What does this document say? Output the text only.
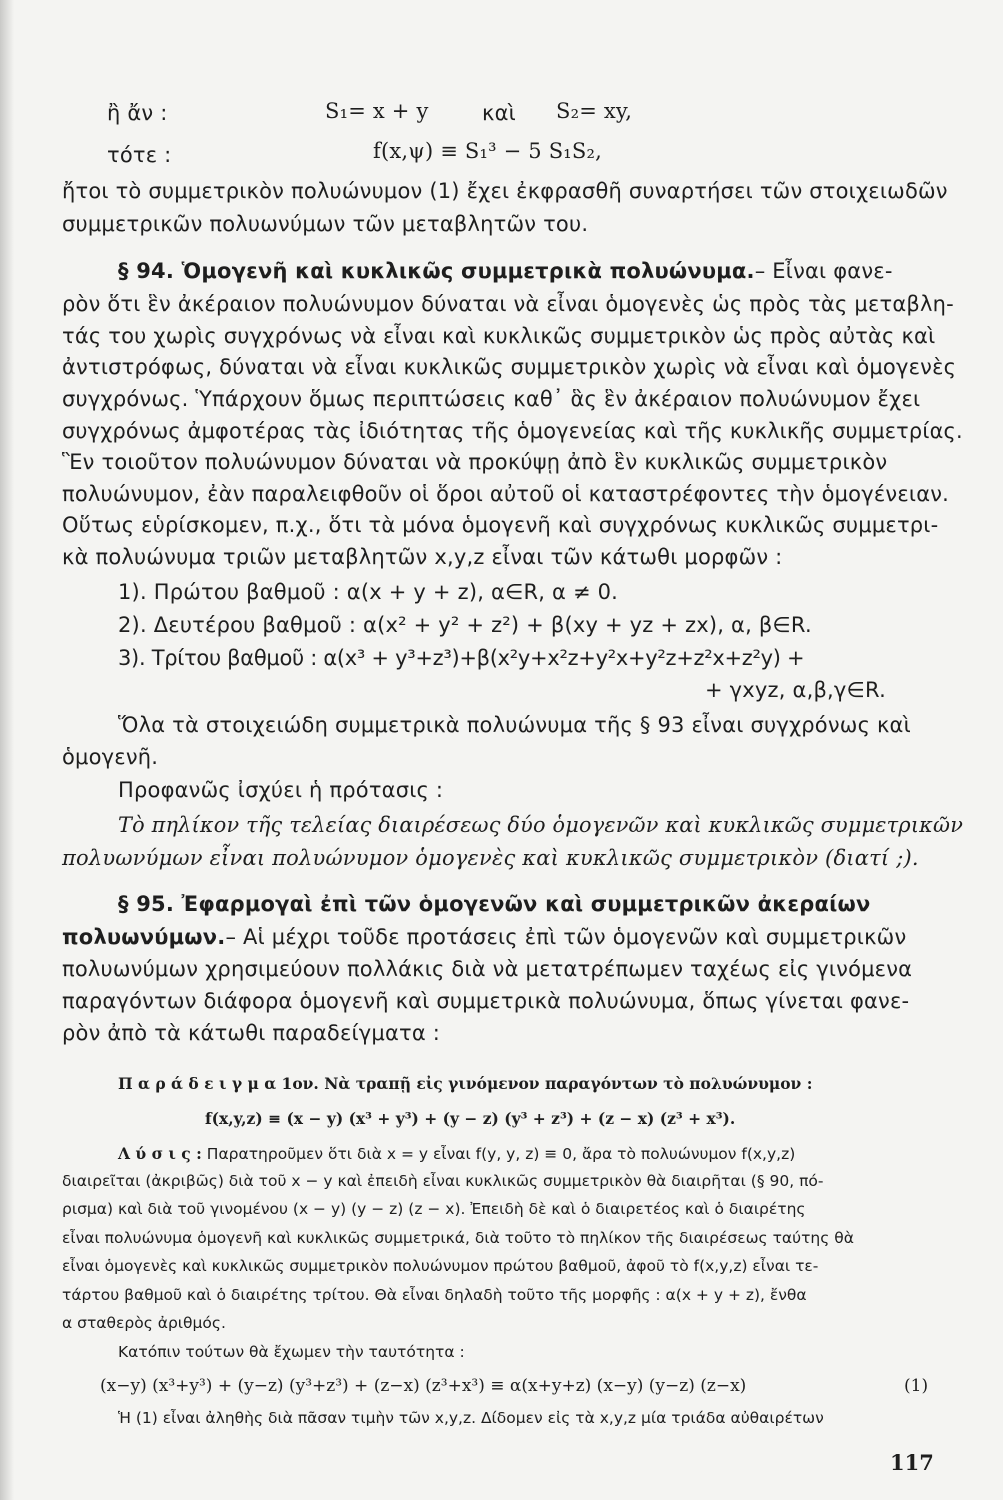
ἢ ἄν :	S₁= x + y	καὶ S₂= xy,
τότε :	f(x,ψ) ≡ S₁³ − 5 S₁S₂,
ἤτοι τὸ συμμετρικὸν πολυώνυμον (1) ἔχει ἐκφρασθῆ συναρτήσει τῶν στοιχειωδῶν
συμμετρικῶν πολυωνύμων τῶν μεταβλητῶν του.
§ 94. Ὁμογενῆ καὶ κυκλικῶς συμμετρικὰ πολυώνυμα.– Εἶναι φανε-
ρὸν ὅτι ἓν ἀκέραιον πολυώνυμον δύναται νὰ εἶναι ὁμογενὲς ὡς πρὸς τὰς μεταβλη-
τάς του χωρὶς συγχρόνως νὰ εἶναι καὶ κυκλικῶς συμμετρικὸν ὡς πρὸς αὐτὰς καὶ
ἀντιστρόφως, δύναται νὰ εἶναι κυκλικῶς συμμετρικὸν χωρὶς νὰ εἶναι καὶ ὁμογενὲς
συγχρόνως. Ὑπάρχουν ὅμως περιπτώσεις καθ᾽ ἃς ἓν ἀκέραιον πολυώνυμον ἔχει
συγχρόνως ἀμφοτέρας τὰς ἰδιότητας τῆς ὁμογενείας καὶ τῆς κυκλικῆς συμμετρίας.
Ἓν τοιοῦτον πολυώνυμον δύναται νὰ προκύψῃ ἀπὸ ἓν κυκλικῶς συμμετρικὸν
πολυώνυμον, ἐὰν παραλειφθοῦν οἱ ὅροι αὐτοῦ οἱ καταστρέφοντες τὴν ὁμογένειαν.
Οὕτως εὑρίσκομεν, π.χ., ὅτι τὰ μόνα ὁμογενῆ καὶ συγχρόνως κυκλικῶς συμμετρι-
κὰ πολυώνυμα τριῶν μεταβλητῶν x,y,z εἶναι τῶν κάτωθι μορφῶν :
1). Πρώτου βαθμοῦ : α(x + y + z), α∈R, α ≠ 0.
2). Δευτέρου βαθμοῦ : α(x² + y² + z²) + β(xy + yz + zx), α, β∈R.
3). Τρίτου βαθμοῦ : α(x³ + y³+z³)+β(x²y+x²z+y²x+y²z+z²x+z²y) +
+ γxyz, α,β,γ∈R.
Ὅλα τὰ στοιχειώδη συμμετρικὰ πολυώνυμα τῆς § 93 εἶναι συγχρόνως καὶ
ὁμογενῆ.
Προφανῶς ἰσχύει ἡ πρότασις :
Τὸ πηλίκον τῆς τελείας διαιρέσεως δύο ὁμογενῶν καὶ κυκλικῶς συμμετρικῶν
πολυωνύμων εἶναι πολυώνυμον ὁμογενὲς καὶ κυκλικῶς συμμετρικὸν (διατί ;).
§ 95. Ἐφαρμογαὶ ἐπὶ τῶν ὁμογενῶν καὶ συμμετρικῶν ἀκεραίων
πολυωνύμων.– Αἱ μέχρι τοῦδε προτάσεις ἐπὶ τῶν ὁμογενῶν καὶ συμμετρικῶν
πολυωνύμων χρησιμεύουν πολλάκις διὰ νὰ μετατρέπωμεν ταχέως εἰς γινόμενα
παραγόντων διάφορα ὁμογενῆ καὶ συμμετρικὰ πολυώνυμα, ὅπως γίνεται φανε-
ρὸν ἀπὸ τὰ κάτωθι παραδείγματα :
Π α ρ ά δ ε ι γ μ α 1ον. Νὰ τραπῇ εἰς γινόμενον παραγόντων τὸ πολυώνυμον :
f(x,y,z) ≡ (x − y) (x³ + y³) + (y − z) (y³ + z³) + (z − x) (z³ + x³).
Λ ύ σ ι ς : Παρατηροῦμεν ὅτι διὰ x = y εἶναι f(y, y, z) ≡ 0, ἄρα τὸ πολυώνυμον f(x,y,z)
διαιρεῖται (ἀκριβῶς) διὰ τοῦ x − y καὶ ἐπειδὴ εἶναι κυκλικῶς συμμετρικὸν θὰ διαιρῆται (§ 90, πό-
ρισμα) καὶ διὰ τοῦ γινομένου (x − y) (y − z) (z − x). Ἐπειδὴ δὲ καὶ ὁ διαιρετέος καὶ ὁ διαιρέτης
εἶναι πολυώνυμα ὁμογενῆ καὶ κυκλικῶς συμμετρικά, διὰ τοῦτο τὸ πηλίκον τῆς διαιρέσεως ταύτης θὰ
εἶναι ὁμογενὲς καὶ κυκλικῶς συμμετρικὸν πολυώνυμον πρώτου βαθμοῦ, ἀφοῦ τὸ f(x,y,z) εἶναι τε-
τάρτου βαθμοῦ καὶ ὁ διαιρέτης τρίτου. Θὰ εἶναι δηλαδὴ τοῦτο τῆς μορφῆς : α(x + y + z), ἔνθα
α σταθερὸς ἀριθμός.
Κατόπιν τούτων θὰ ἔχωμεν τὴν ταυτότητα :
(x−y) (x³+y³) + (y−z) (y³+z³) + (z−x) (z³+x³) ≡ α(x+y+z) (x−y) (y−z) (z−x)	(1)
Ἡ (1) εἶναι ἀληθὴς διὰ πᾶσαν τιμὴν τῶν x,y,z. Δίδομεν εἰς τὰ x,y,z μία τριάδα αὐθαιρέτων
117
